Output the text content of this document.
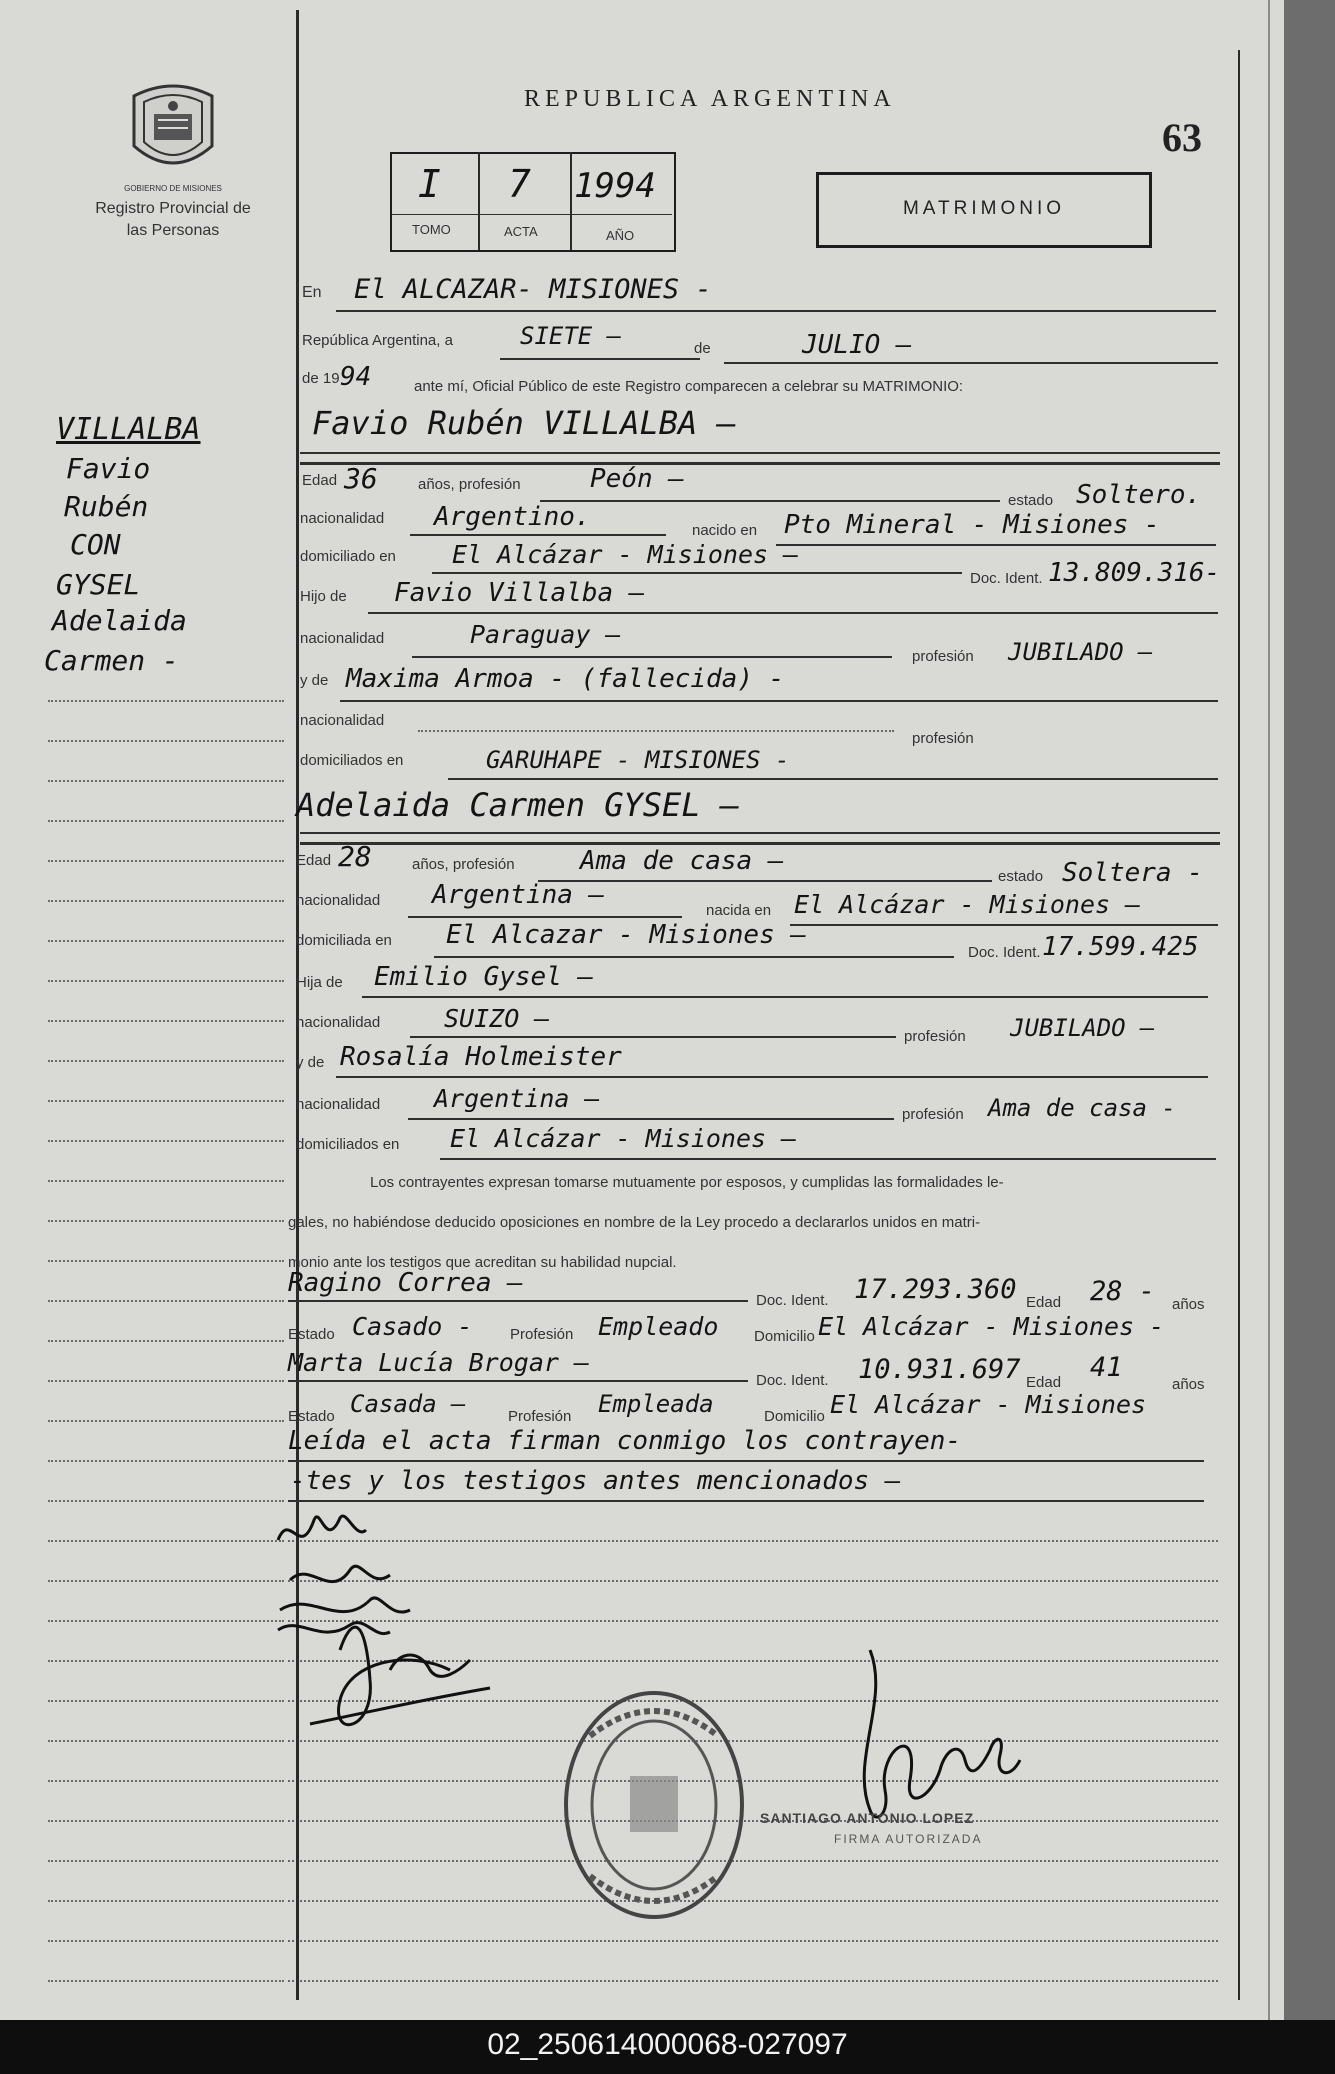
GOBIERNO DE MISIONES
Registro Provincial de las Personas
REPUBLICA ARGENTINA
63
I 7 1994
TOMO	ACTA	AÑO
MATRIMONIO
VILLALBA
Favio
Rubén
CON
GYSEL
Adelaida
Carmen -
En El ALCAZAR- MISIONES -
República Argentina, a	SIETE —	de	JULIO —
de 19 94	ante mí, Oficial Público de este Registro comparecen a celebrar su MATRIMONIO:
Favio Rubén VILLALBA —
Edad 36	años, profesión	Peón —
estado Soltero.
nacionalidad Argentino.	nacido en Pto Mineral - Misiones -
domiciliado en El Alcázar - Misiones —
Doc. Ident. 13.809.316-
Hijo de Favio Villalba —
nacionalidad	Paraguay —
profesión JUBILADO —
y de Maxima Armoa - (fallecida) -
nacionalidad
profesión
domiciliados en	GARUHAPE - MISIONES -
Adelaida Carmen GYSEL —
Edad 28	años, profesión	Ama de casa —
estado Soltera -
nacionalidad Argentina —
nacida en El Alcázar - Misiones —
domiciliada en El Alcazar - Misiones —
Doc. Ident. 17.599.425
Hija de Emilio Gysel —
nacionalidad	SUIZO —
profesión JUBILADO —
y de Rosalía Holmeister
nacionalidad Argentina —
profesión Ama de casa -
domiciliados en El Alcázar - Misiones —
Los contrayentes expresan tomarse mutuamente por esposos, y cumplidas las formalidades le-
gales, no habiéndose deducido oposiciones en nombre de la Ley procedo a declararlos unidos en matri-
monio ante los testigos que acreditan su habilidad nupcial.
Ragino Correa —
Doc. Ident. 17.293.360 Edad 28 - años
Estado Casado -	Profesión Empleado Domicilio El Alcázar - Misiones -
Marta Lucía Brogar —
Doc. Ident. 10.931.697 Edad 41
años
Estado Casada —	Profesión Empleada	Domicilio El Alcázar - Misiones
Leída el acta firman conmigo los contrayen-
-tes y los testigos antes mencionados —
SANTIAGO ANTONIO LOPEZ
FIRMA AUTORIZADA
02_250614000068-027097
